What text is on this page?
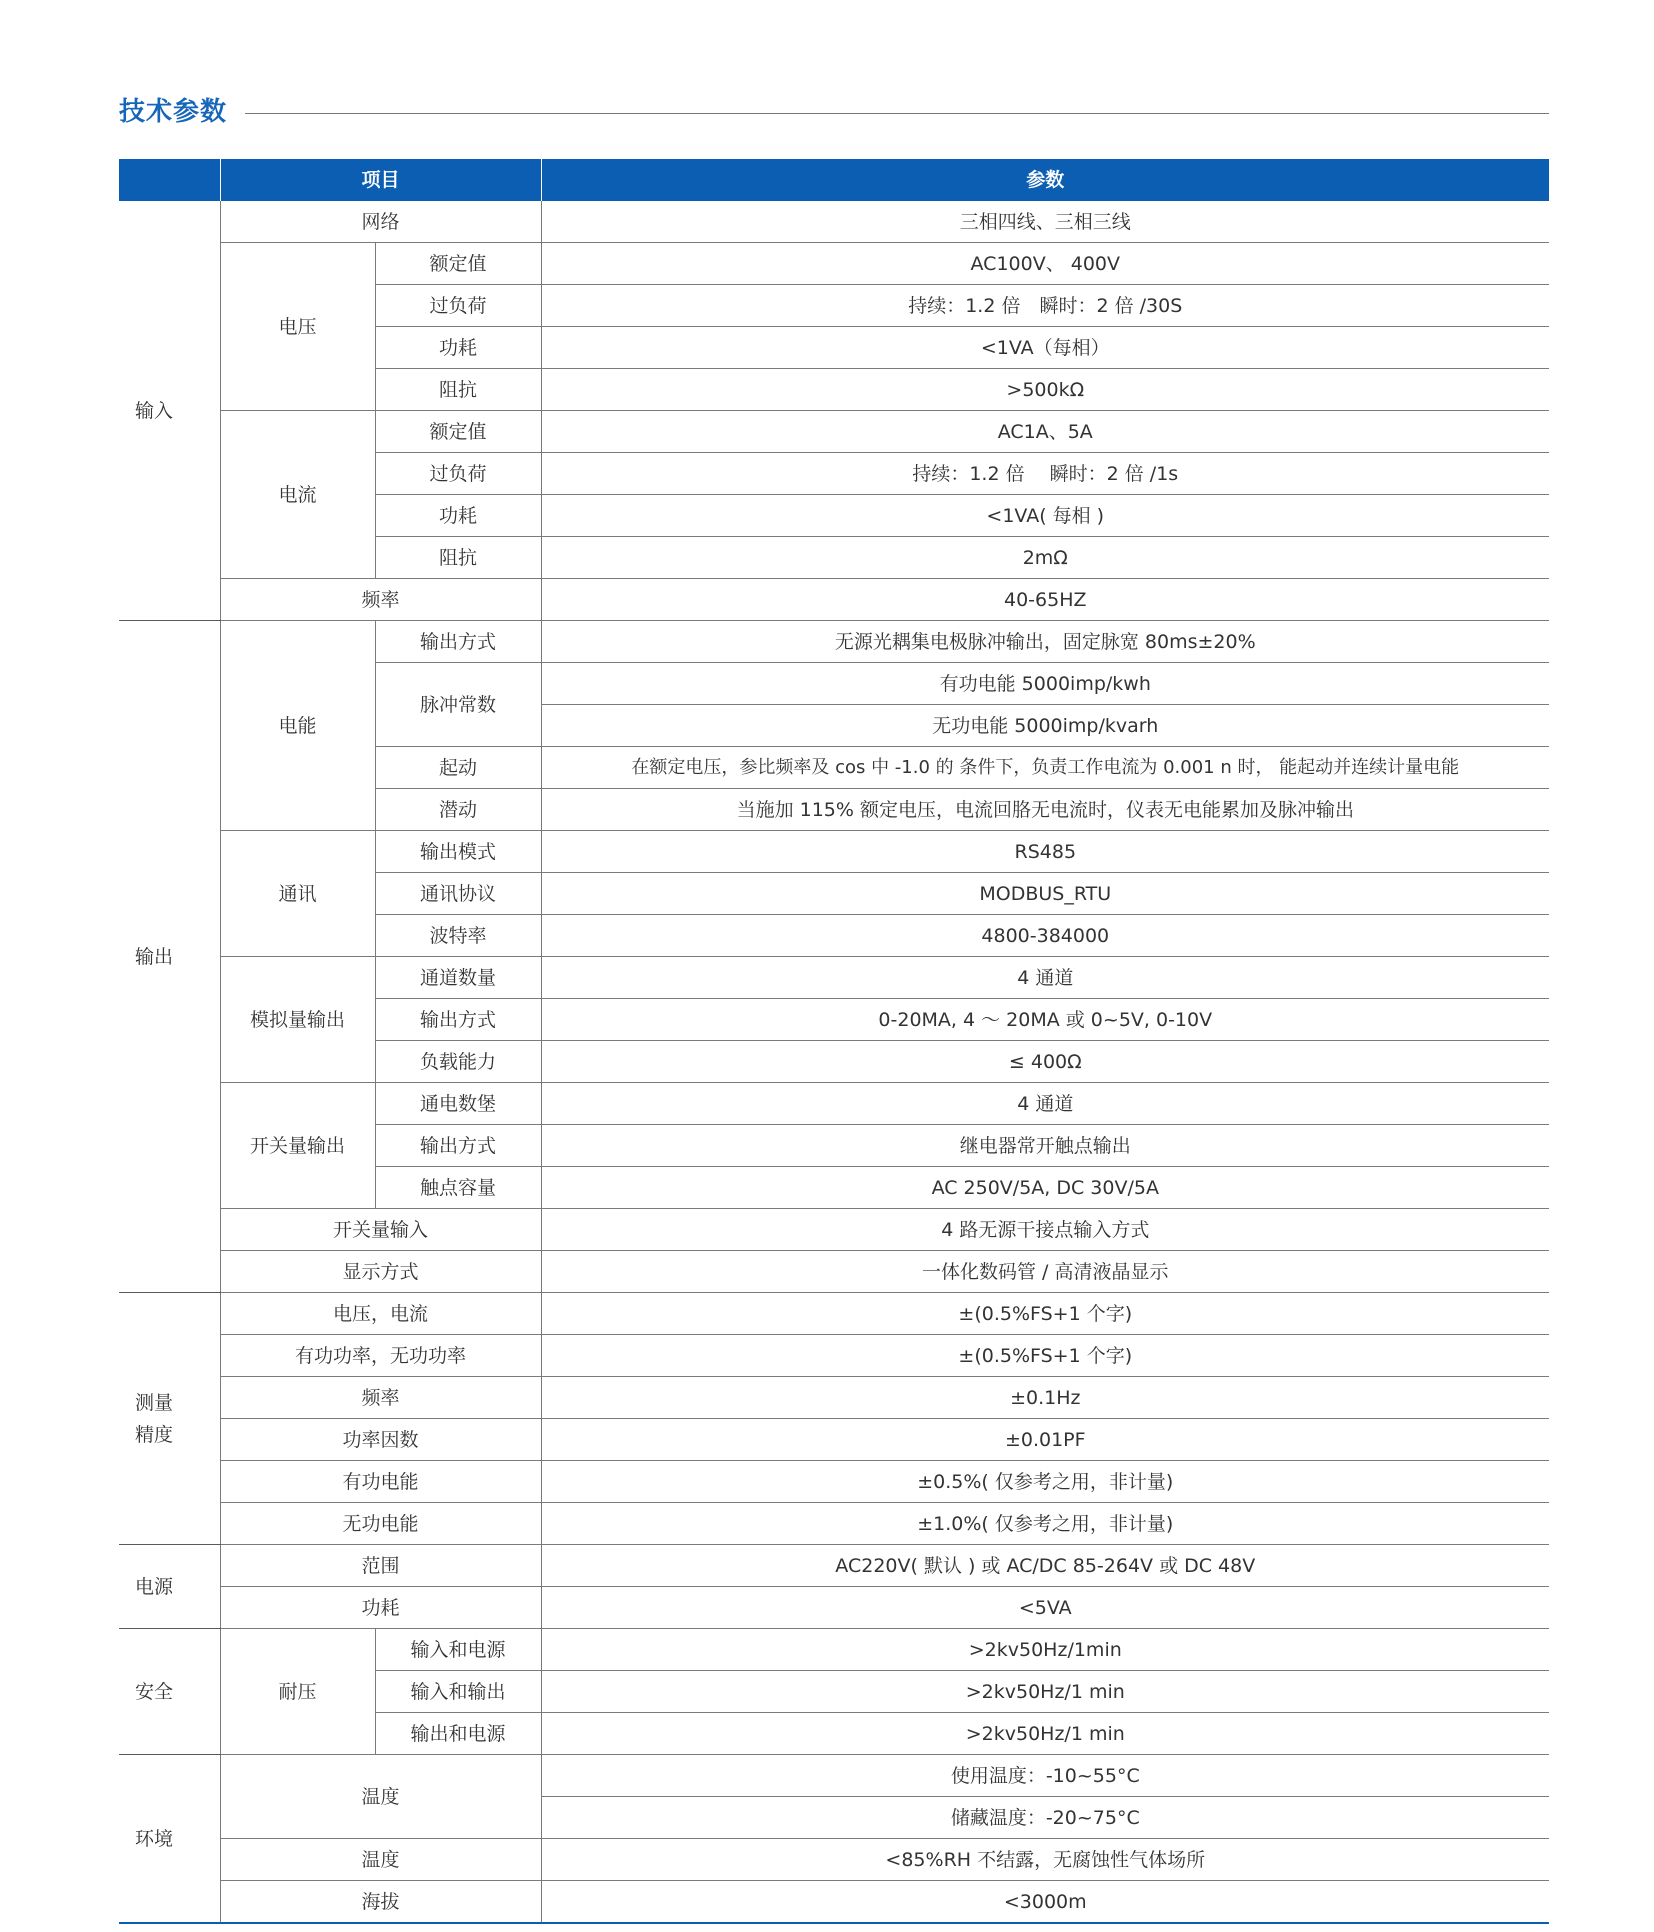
技术参数
	项目		参数
输入	网络		三相四线、三相三线
	电压	额定值	AC100V、 400V
		过负荷	持续：1.2 倍　瞬时：2 倍 /30S
		功耗	<1VA（每相）
		阻抗	>500kΩ
	电流	额定值	AC1A、5A
		过负荷	持续：1.2 倍　 瞬时：2 倍 /1s
		功耗	<1VA( 每相 )
		阻抗	2mΩ
	频率		40-65HZ
输出	电能	输出方式	无源光耦集电极脉冲输出，固定脉宽 80ms±20%
		脉冲常数	有功电能 5000imp/kwh
			无功电能 5000imp/kvarh
		起动	在额定电压，参比频率及 cos 中 -1.0 的 条件下，负责工作电流为 0.001 n 时， 能起动并连续计量电能
		潜动	当施加 115% 额定电压，电流回胳无电流时，仪表无电能累加及脉冲输出
	通讯	输出模式	RS485
		通讯协议	MODBUS_RTU
		波特率	4800-384000
	模拟量输出	通道数量	4 通道
		输出方式	0-20MA, 4 ～ 20MA 或 0~5V, 0-10V
		负载能力	≤ 400Ω
	开关量输出	通电数堡	4 通道
		输出方式	继电器常开触点输出
		触点容量	AC 250V/5A, DC 30V/5A
	开关量输入		4 路无源干接点输入方式
	显示方式		一体化数码管 / 高清液晶显示

测量
精度	电压，电流		±(0.5%FS+1 个字)
	有功功率，无功功率		±(0.5%FS+1 个字)
	频率		±0.1Hz
	功率因数		±0.01PF
	有功电能		±0.5%( 仅参考之用，非计量)
	无功电能		±1.0%( 仅参考之用，非计量)
电源	范围		AC220V( 默认 ) 或 AC/DC 85-264V 或 DC 48V
	功耗		<5VA
安全	耐压	输入和电源	>2kv50Hz/1min
		输入和输出	>2kv50Hz/1 min
		输出和电源	>2kv50Hz/1 min
环境	温度		使用温度：-10~55°C
			储藏温度：-20~75°C
	温度		<85%RH 不结露，无腐蚀性气体场所
	海拔		<3000m
